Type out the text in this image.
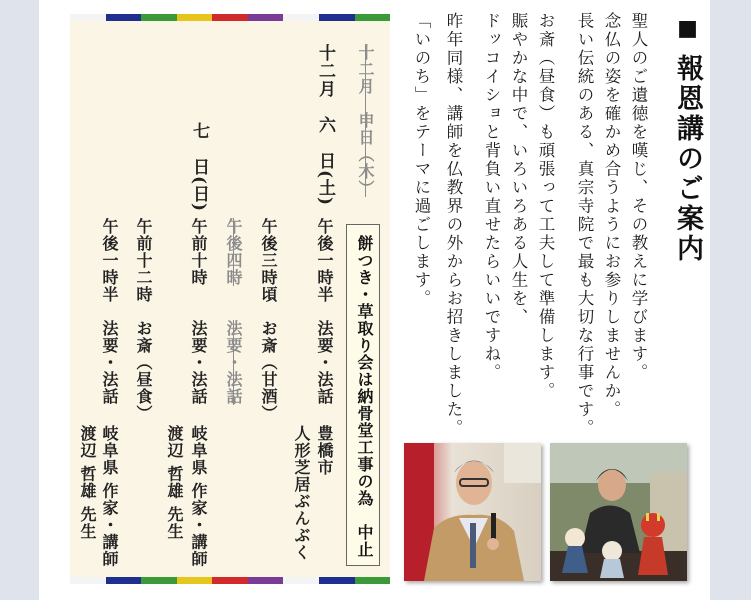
■報恩講のご案内
聖人のご遺徳を嘆じ、その教えに学びます。
念仏の姿を確かめ合うようにお参りしませんか。
長い伝統のある、真宗寺院で最も大切な行事です。
お斎（昼食）も頑張って工夫して準備します。
賑やかな中で、いろいろある人生を、
ドッコイショと背負い直せたらいいですね。
昨年同様、講師を仏教界の外からお招きしました。
「いのち」をテーマに過ごします。
十二月　申日（木）
十二月　六　日(土)
午後一時半
法要・法話
豊橋市
人形芝居ぶんぶく
午後三時頃
お斎（甘酒）
午後四時
法要・法話
七　日(日)
午前十時
法要・法話
岐阜県 作家・講師
渡辺 哲雄 先生
午前十二時
お斎（昼食）
午後一時半
法要・法話
岐阜県 作家・講師
渡辺 哲雄 先生	餅つき・草取り会は納骨堂工事の為　中止
